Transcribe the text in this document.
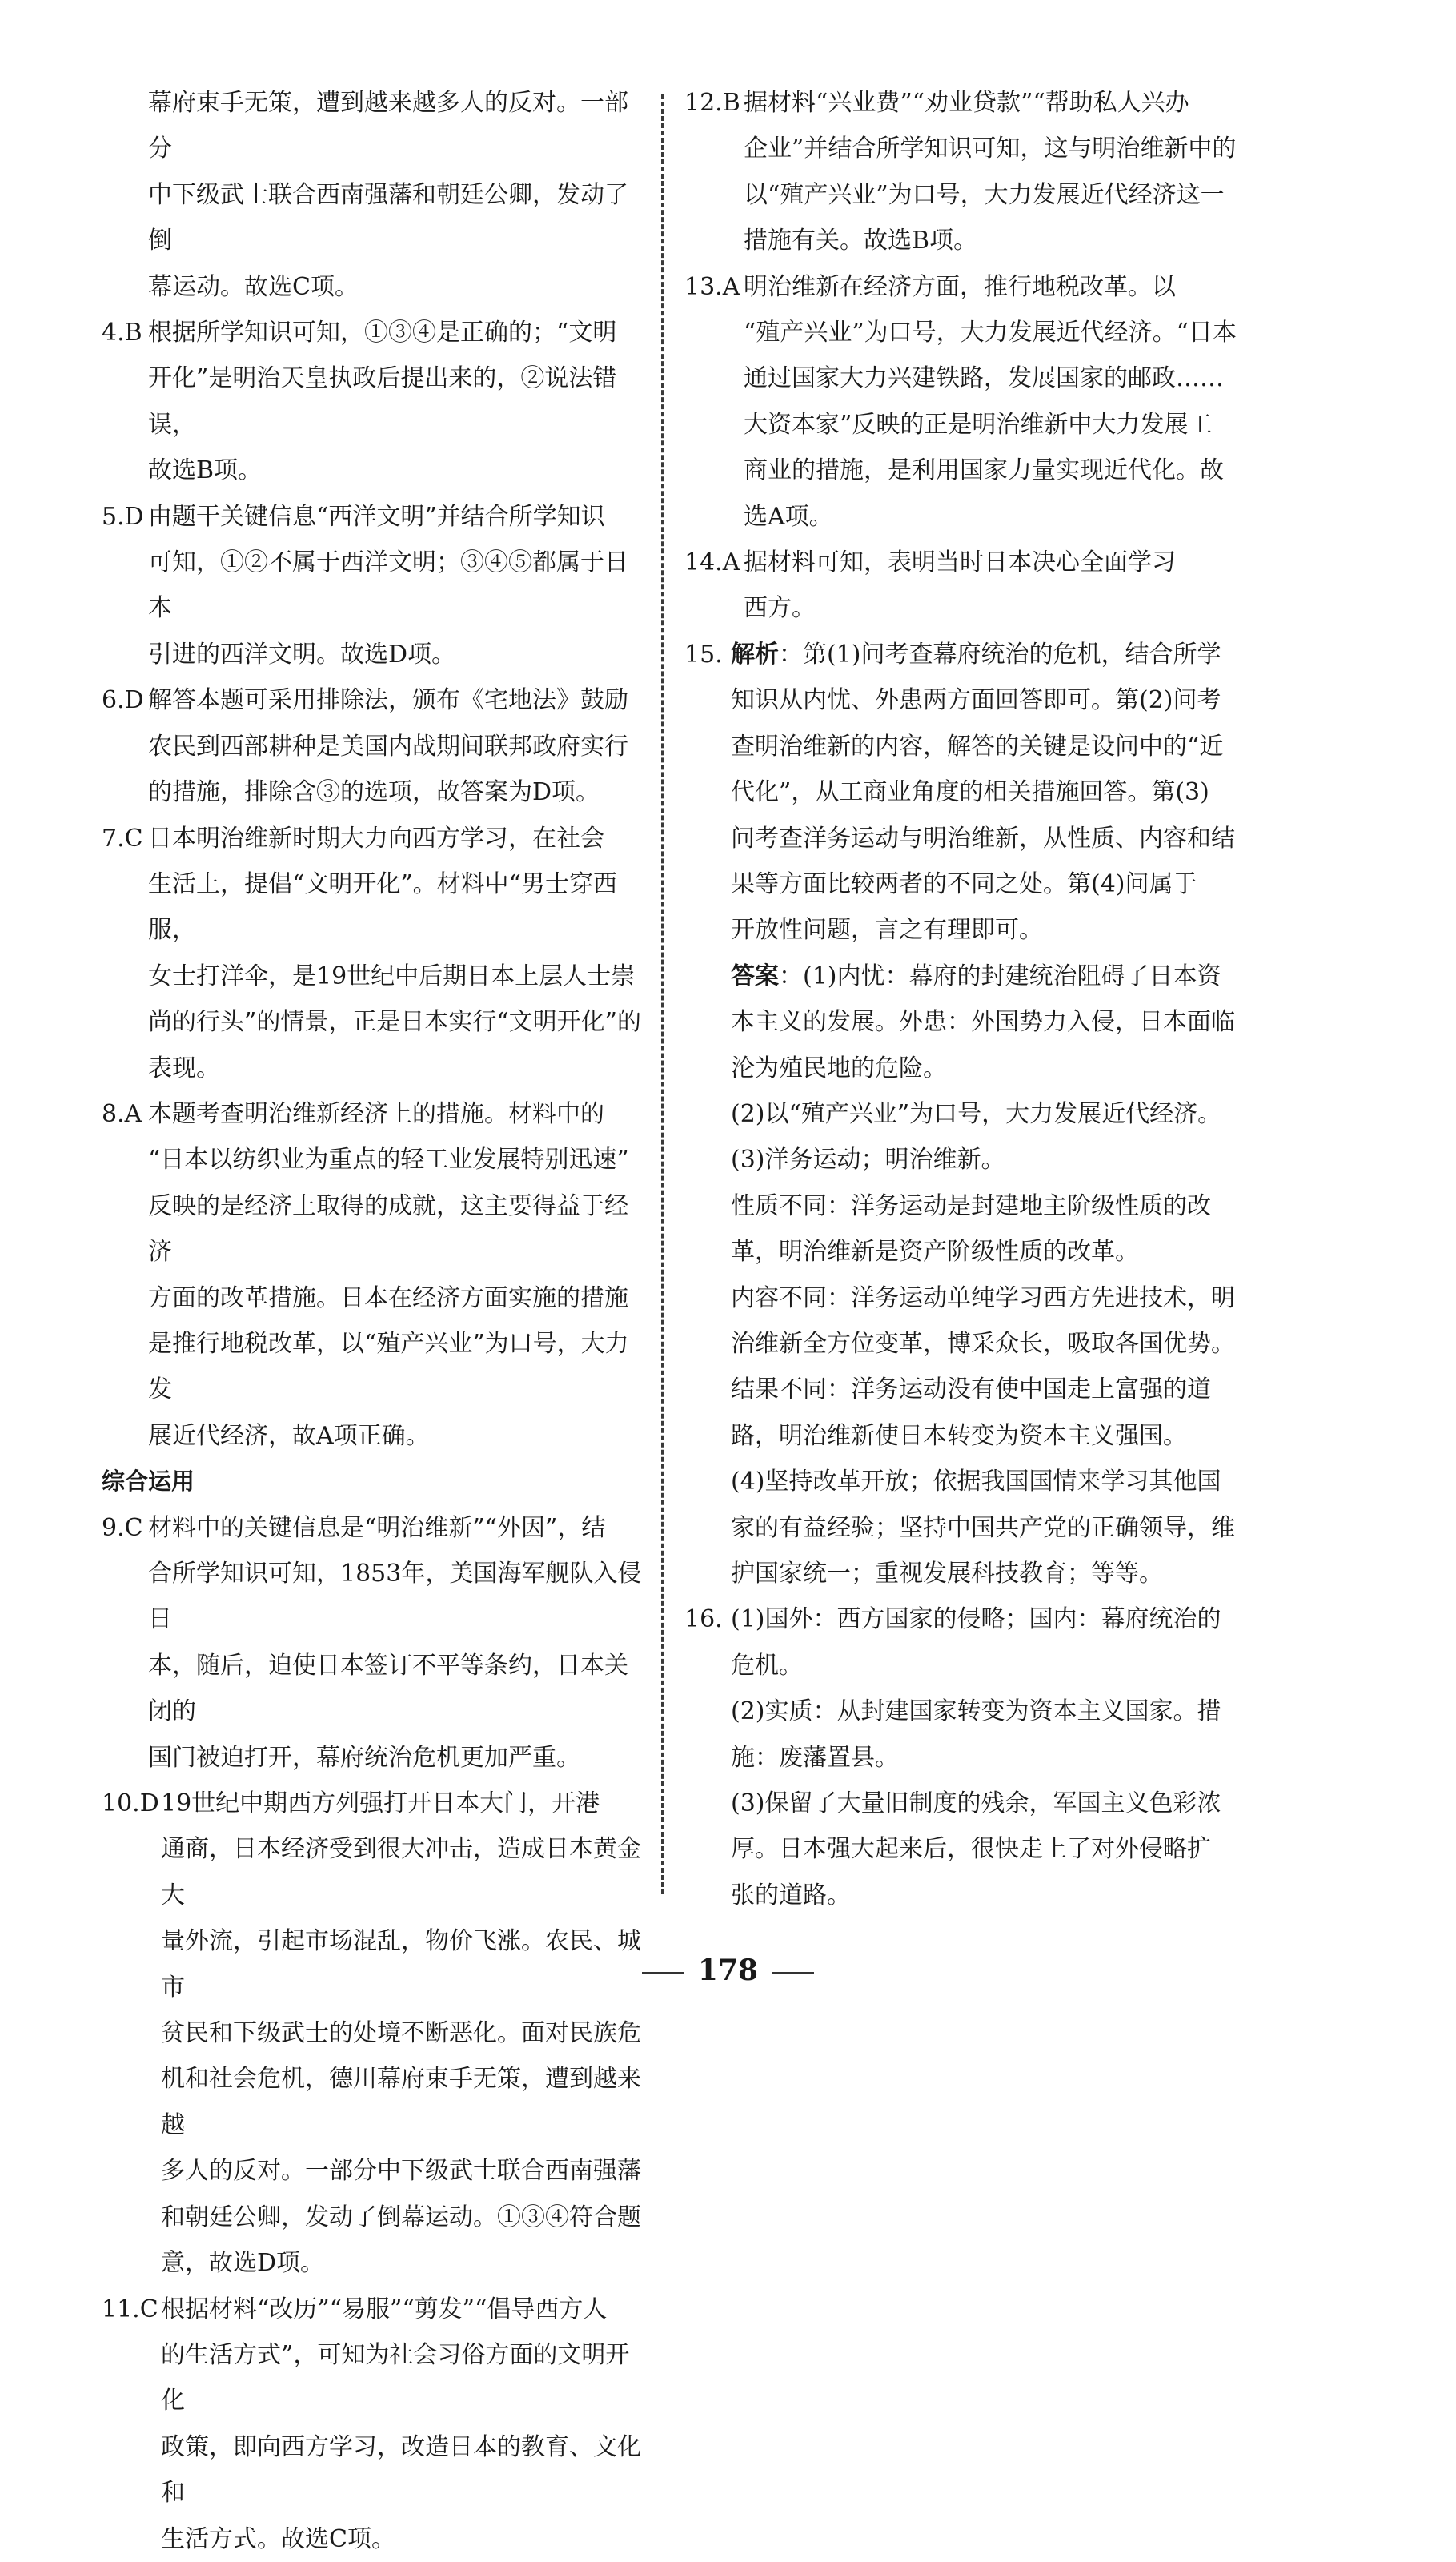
幕府束手无策，遭到越来越多人的反对。一部分
中下级武士联合西南强藩和朝廷公卿，发动了倒
幕运动。故选C项。
4.B 根据所学知识可知，①③④是正确的；“文明
开化”是明治天皇执政后提出来的，②说法错误，
故选B项。
5.D 由题干关键信息“西洋文明”并结合所学知识
可知，①②不属于西洋文明；③④⑤都属于日本
引进的西洋文明。故选D项。
6.D 解答本题可采用排除法，颁布《宅地法》鼓励
农民到西部耕种是美国内战期间联邦政府实行
的措施，排除含③的选项，故答案为D项。
7.C 日本明治维新时期大力向西方学习，在社会
生活上，提倡“文明开化”。材料中“男士穿西服，
女士打洋伞，是19世纪中后期日本上层人士崇
尚的行头”的情景，正是日本实行“文明开化”的
表现。
8.A 本题考查明治维新经济上的措施。材料中的
“日本以纺织业为重点的轻工业发展特别迅速”
反映的是经济上取得的成就，这主要得益于经济
方面的改革措施。日本在经济方面实施的措施
是推行地税改革，以“殖产兴业”为口号，大力发
展近代经济，故A项正确。
综合运用
9.C 材料中的关键信息是“明治维新”“外因”，结
合所学知识可知，1853年，美国海军舰队入侵日
本，随后，迫使日本签订不平等条约，日本关闭的
国门被迫打开，幕府统治危机更加严重。
10.D19世纪中期西方列强打开日本大门，开港
通商，日本经济受到很大冲击，造成日本黄金大
量外流，引起市场混乱，物价飞涨。农民、城市
贫民和下级武士的处境不断恶化。面对民族危
机和社会危机，德川幕府束手无策，遭到越来越
多人的反对。一部分中下级武士联合西南强藩
和朝廷公卿，发动了倒幕运动。①③④符合题
意，故选D项。
11.C 根据材料“改历”“易服”“剪发”“倡导西方人
的生活方式”，可知为社会习俗方面的文明开化
政策，即向西方学习，改造日本的教育、文化和
生活方式。故选C项。
12.B 据材料“兴业费”“劝业贷款”“帮助私人兴办
企业”并结合所学知识可知，这与明治维新中的
以“殖产兴业”为口号，大力发展近代经济这一
措施有关。故选B项。
13.A 明治维新在经济方面，推行地税改革。以
“殖产兴业”为口号，大力发展近代经济。“日本
通过国家大力兴建铁路，发展国家的邮政……
大资本家”反映的正是明治维新中大力发展工
商业的措施，是利用国家力量实现近代化。故
选A项。
14.A 据材料可知，表明当时日本决心全面学习
西方。
15. 解析：第(1)问考查幕府统治的危机，结合所学
知识从内忧、外患两方面回答即可。第(2)问考
查明治维新的内容，解答的关键是设问中的“近
代化”，从工商业角度的相关措施回答。第(3)
问考查洋务运动与明治维新，从性质、内容和结
果等方面比较两者的不同之处。第(4)问属于
开放性问题，言之有理即可。
答案：(1)内忧：幕府的封建统治阻碍了日本资
本主义的发展。外患：外国势力入侵，日本面临
沦为殖民地的危险。
(2)以“殖产兴业”为口号，大力发展近代经济。
(3)洋务运动；明治维新。
性质不同：洋务运动是封建地主阶级性质的改
革，明治维新是资产阶级性质的改革。
内容不同：洋务运动单纯学习西方先进技术，明
治维新全方位变革，博采众长，吸取各国优势。
结果不同：洋务运动没有使中国走上富强的道
路，明治维新使日本转变为资本主义强国。
(4)坚持改革开放；依据我国国情来学习其他国
家的有益经验；坚持中国共产党的正确领导，维
护国家统一；重视发展科技教育；等等。
16. (1)国外：西方国家的侵略；国内：幕府统治的
危机。
(2)实质：从封建国家转变为资本主义国家。措
施：废藩置县。
(3)保留了大量旧制度的残余，军国主义色彩浓
厚。日本强大起来后，很快走上了对外侵略扩
张的道路。
178
